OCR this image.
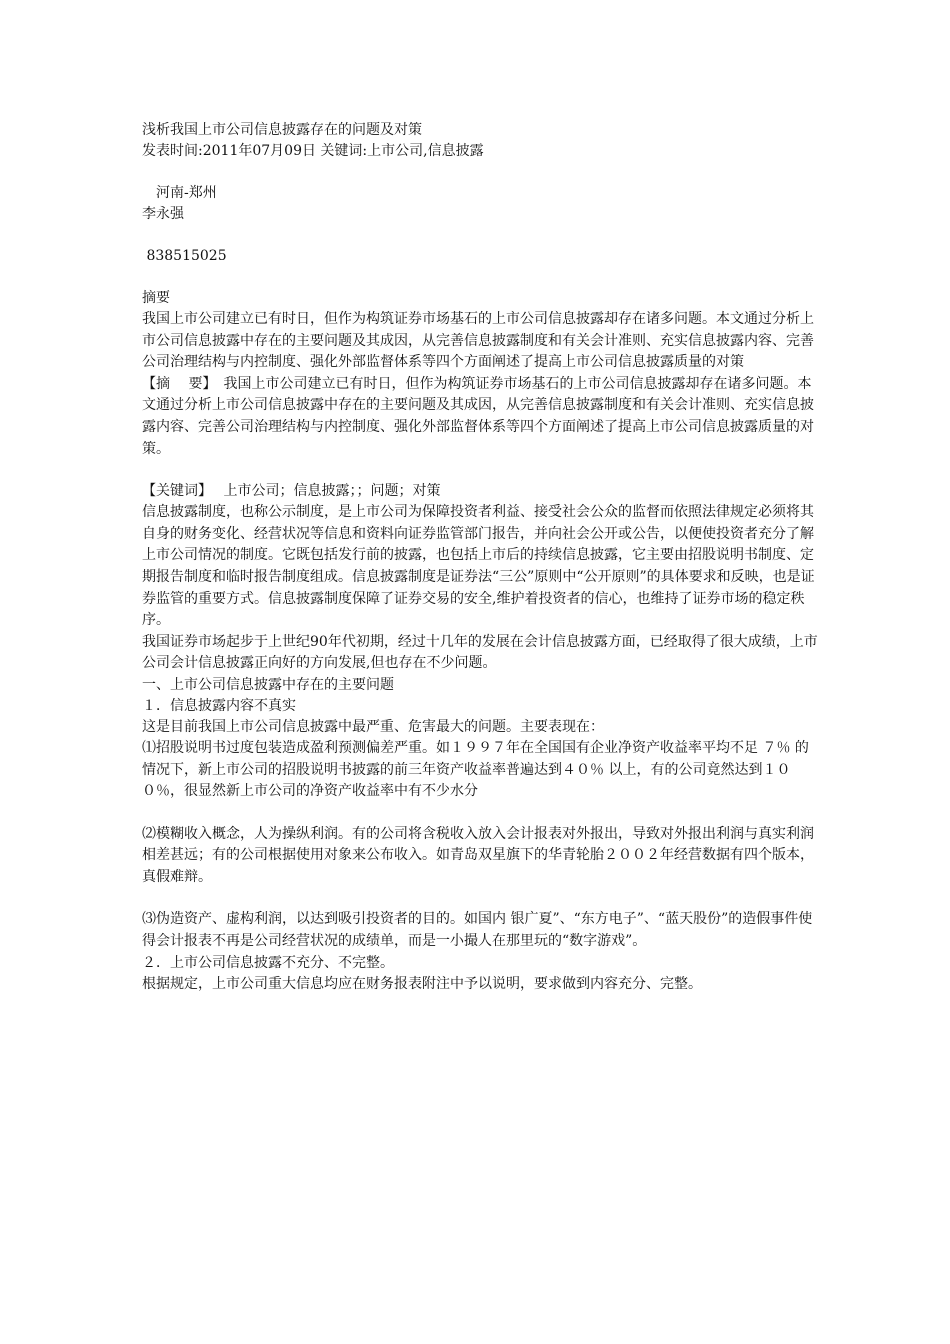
浅析我国上市公司信息披露存在的问题及对策
发表时间:2011年07月09日 关键词:上市公司,信息披露
　河南-郑州
李永强
838515025
摘要

我国上市公司建立已有时日，但作为构筑证券市场基石的上市公司信息披露却存在诸多问题。本文通过分析上市公司信息披露中存在的主要问题及其成因，从完善信息披露制度和有关会计准则、充实信息披露内容、完善公司治理结构与内控制度、强化外部监督体系等四个方面阐述了提高上市公司信息披露质量的对策

【摘　 要】　我国上市公司建立已有时日，但作为构筑证券市场基石的上市公司信息披露却存在诸多问题。本文通过分析上市公司信息披露中存在的主要问题及其成因，从完善信息披露制度和有关会计准则、充实信息披露内容、完善公司治理结构与内控制度、强化外部监督体系等四个方面阐述了提高上市公司信息披露质量的对策。

【关键词】　 上市公司；信息披露；；问题；对策

信息披露制度，也称公示制度，是上市公司为保障投资者利益、接受社会公众的监督而依照法律规定必须将其自身的财务变化、经营状况等信息和资料向证券监管部门报告，并向社会公开或公告，以便使投资者充分了解上市公司情况的制度。它既包括发行前的披露，也包括上市后的持续信息披露，它主要由招股说明书制度、定期报告制度和临时报告制度组成。信息披露制度是证券法“三公”原则中“公开原则”的具体要求和反映，也是证券监管的重要方式。信息披露制度保障了证券交易的安全,维护着投资者的信心，也维持了证券市场的稳定秩序。

我国证券市场起步于上世纪90年代初期，经过十几年的发展在会计信息披露方面，已经取得了很大成绩，上市公司会计信息披露正向好的方向发展,但也存在不少问题。

一、上市公司信息披露中存在的主要问题
１．信息披露内容不真实
这是目前我国上市公司信息披露中最严重、危害最大的问题。主要表现在：

⑴招股说明书过度包装造成盈利预测偏差严重。如１９９７年在全国国有企业净资产收益率平均不足 ７％ 的情况下，新上市公司的招股说明书披露的前三年资产收益率普遍达到４０％ 以上，有的公司竟然达到１００％，很显然新上市公司的净资产收益率中有不少水分

⑵模糊收入概念，人为操纵利润。有的公司将含税收入放入会计报表对外报出，导致对外报出利润与真实利润相差甚远；有的公司根据使用对象来公布收入。如青岛双星旗下的华青轮胎２００２年经营数据有四个版本，真假难辩。

⑶伪造资产、虚构利润，以达到吸引投资者的目的。如国内 银广夏”、“东方电子”、“蓝天股份”的造假事件使得会计报表不再是公司经营状况的成绩单，而是一小撮人在那里玩的“数字游戏”。

２．上市公司信息披露不充分、不完整。
根据规定，上市公司重大信息均应在财务报表附注中予以说明，要求做到内容充分、完整。
